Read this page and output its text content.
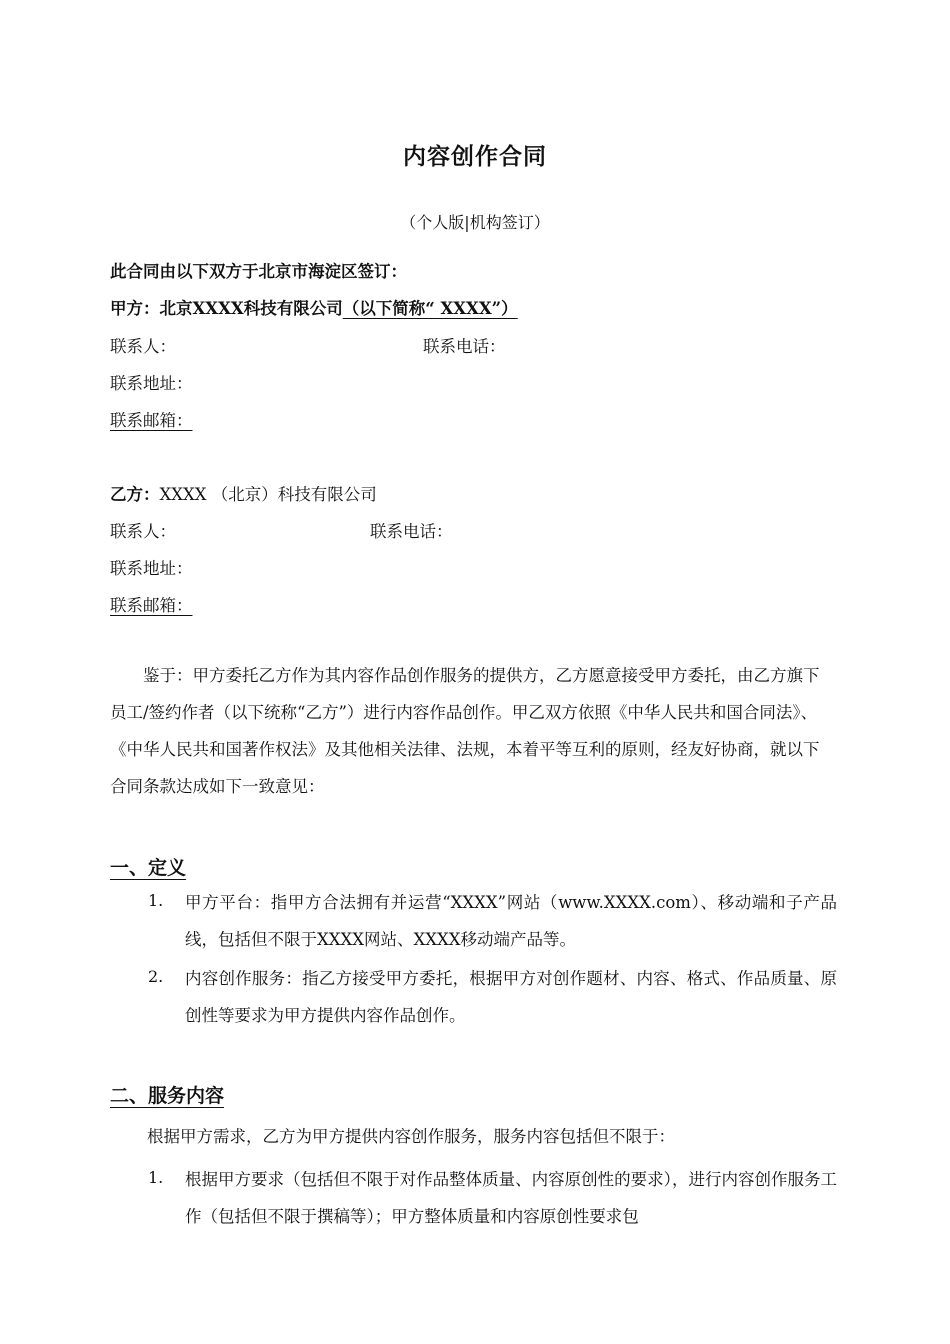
内容创作合同
（个人版|机构签订）
此合同由以下双方于北京市海淀区签订：
甲方：北京XXXX科技有限公司（以下简称“ XXXX”）
联系人：	联系电话：
联系地址：
联系邮箱：
乙方：XXXX （北京）科技有限公司
联系人：	联系电话：
联系地址：
联系邮箱：
鉴于：甲方委托乙方作为其内容作品创作服务的提供方，乙方愿意接受甲方委托，由乙方旗下员工/签约作者（以下统称“乙方”）进行内容作品创作。甲乙双方依照《中华人民共和国合同法》、《中华人民共和国著作权法》及其他相关法律、法规，本着平等互利的原则，经友好协商，就以下合同条款达成如下一致意见：
一、定义
1. 甲方平台：指甲方合法拥有并运营“XXXX”网站（www.XXXX.com）、移动端和子产品线，包括但不限于XXXX网站、XXXX移动端产品等。
2. 内容创作服务：指乙方接受甲方委托，根据甲方对创作题材、内容、格式、作品质量、原创性等要求为甲方提供内容作品创作。
二、服务内容
根据甲方需求，乙方为甲方提供内容创作服务，服务内容包括但不限于：
1. 根据甲方要求（包括但不限于对作品整体质量、内容原创性的要求），进行内容创作服务工作（包括但不限于撰稿等）；甲方整体质量和内容原创性要求包
